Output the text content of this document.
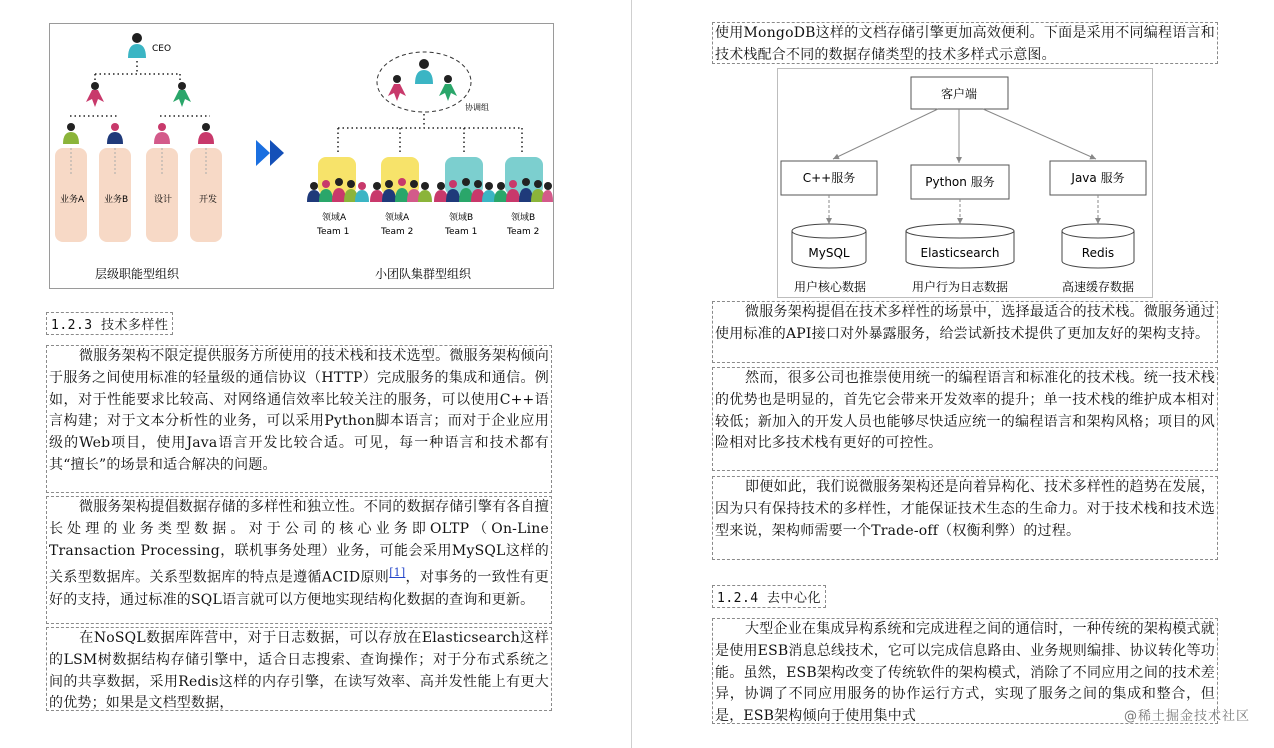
CEO
业务A 业务B	设计	开发
协调组
领域A
Team 1
领域A
Team 2
领域B
Team 1
领域B
Team 2
层级职能型组织	小团队集群型组织
1.2.3 技术多样性
微服务架构不限定提供服务方所使用的技术栈和技术选型。微服务架构倾向于服务之间使用标准的轻量级的通信协议（HTTP）完成服务的集成和通信。例如，对于性能要求比较高、对网络通信效率比较关注的服务，可以使用C++语言构建；对于文本分析性的业务，可以采用Python脚本语言；而对于企业应用级的Web项目，使用Java语言开发比较合适。可见，每一种语言和技术都有其“擅长”的场景和适合解决的问题。
微服务架构提倡数据存储的多样性和独立性。不同的数据存储引擎有各自擅长处理的业务类型数据。对于公司的核心业务即OLTP（On-Line Transaction Processing，联机事务处理）业务，可能会采用MySQL这样的关系型数据库。关系型数据库的特点是遵循ACID原则[1]，对事务的一致性有更好的支持，通过标准的SQL语言就可以方便地实现结构化数据的查询和更新。
在NoSQL数据库阵营中，对于日志数据，可以存放在Elasticsearch这样的LSM树数据结构存储引擎中，适合日志搜索、查询操作；对于分布式系统之间的共享数据，采用Redis这样的内存引擎，在读写效率、高并发性能上有更大的优势；如果是文档型数据，
使用MongoDB这样的文档存储引擎更加高效便利。下面是采用不同编程语言和技术栈配合不同的数据存储类型的技术多样式示意图。
客户端
C++服务	Python 服务	Java 服务
MySQL	Elasticsearch	Redis
用户核心数据	用户行为日志数据	高速缓存数据
微服务架构提倡在技术多样性的场景中，选择最适合的技术栈。微服务通过使用标准的API接口对外暴露服务，给尝试新技术提供了更加友好的架构支持。
然而，很多公司也推崇使用统一的编程语言和标准化的技术栈。统一技术栈的优势也是明显的，首先它会带来开发效率的提升；单一技术栈的维护成本相对较低；新加入的开发人员也能够尽快适应统一的编程语言和架构风格；项目的风险相对比多技术栈有更好的可控性。
即便如此，我们说微服务架构还是向着异构化、技术多样性的趋势在发展，因为只有保持技术的多样性，才能保证技术生态的生命力。对于技术栈和技术选型来说，架构师需要一个Trade-off（权衡利弊）的过程。
1.2.4 去中心化
大型企业在集成异构系统和完成进程之间的通信时，一种传统的架构模式就是使用ESB消息总线技术，它可以完成信息路由、业务规则编排、协议转化等功能。虽然，ESB架构改变了传统软件的架构模式，消除了不同应用之间的技术差异，协调了不同应用服务的协作运行方式，实现了服务之间的集成和整合，但是，ESB架构倾向于使用集中式	@稀土掘金技术社区
